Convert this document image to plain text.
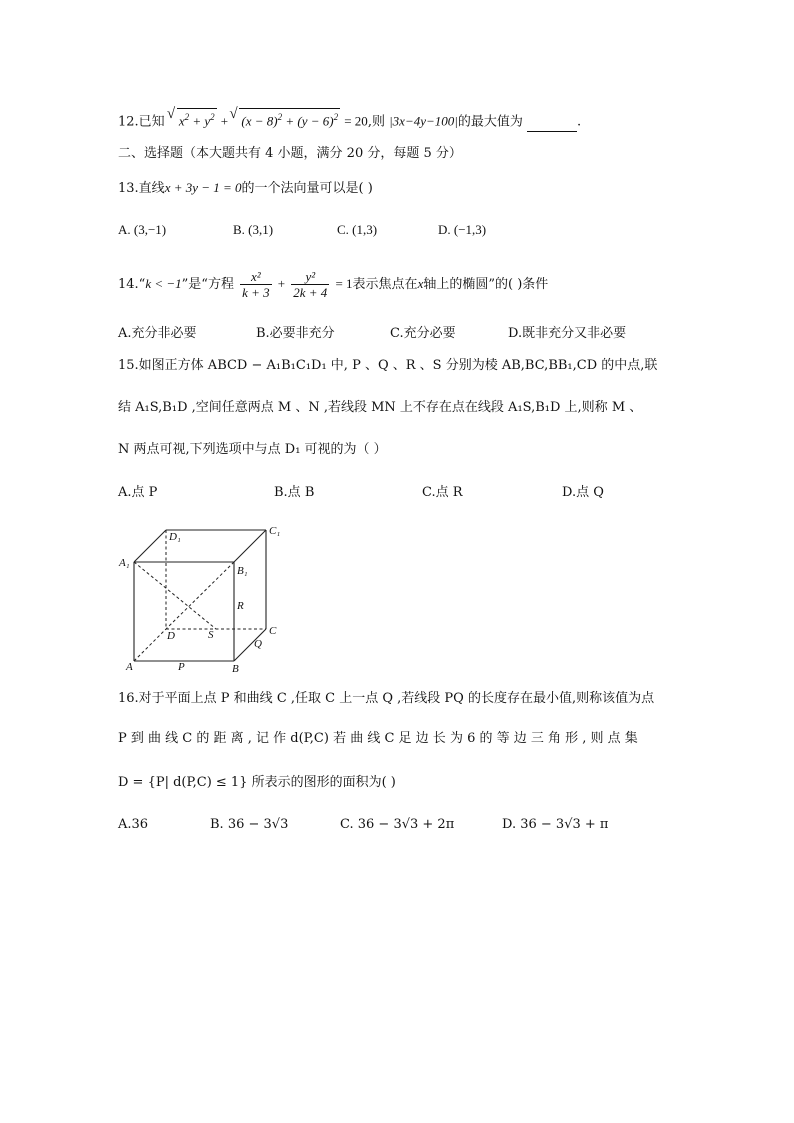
12.已知 √ $x^2 + y^2$ + √ $(x - 8)^2 + (y - 6)^2 = 20$,则 |3x−4y−100|的最大值为	.
二、选择题（本大题共有 4 小题，满分 20 分，每题 5 分）
13.直线x + 3y − 1 = 0的一个法向量可以是( )
A. (3,−1)	B. (3,1)	C. (1,3)	D. (−1,3)
14.“k < −1”是“方程 $\frac{\text{x²}}{k + 3} + \frac{\text{y²}}{2k + 4} = 1$表示焦点在x轴上的椭圆”的( )条件
A.充分非必要	B.必要非充分	C.充分必要	D.既非充分又非必要
15.如图正方体 ABCD − A₁B₁C₁D₁ 中, P 、Q 、R 、S 分别为棱 AB,BC,BB₁,CD 的中点,联
结 A₁S,B₁D ,空间任意两点 M 、N ,若线段 MN 上不存在点在线段 A₁S,B₁D 上,则称 M 、
N 两点可视,下列选项中与点 D₁ 可视的为（ ）
A.点 P	B.点 B	C.点 R	D.点 Q
D₁	C₁
A₁
B₁
R
D	S	C
Q
A	P	B
16.对于平面上点 P 和曲线 C ,任取 C 上一点 Q ,若线段 PQ 的长度存在最小值,则称该值为点
P 到 曲 线 C 的 距 离 , 记 作 d(P,C) 若 曲 线 C 足 边 长 为 6 的 等 边 三 角 形 , 则 点 集
D = {P| d(P,C) ≤ 1} 所表示的图形的面积为( )
A.36	B. 36 − 3√3	C. 36 − 3√3 + 2π	D. 36 − 3√3 + π
